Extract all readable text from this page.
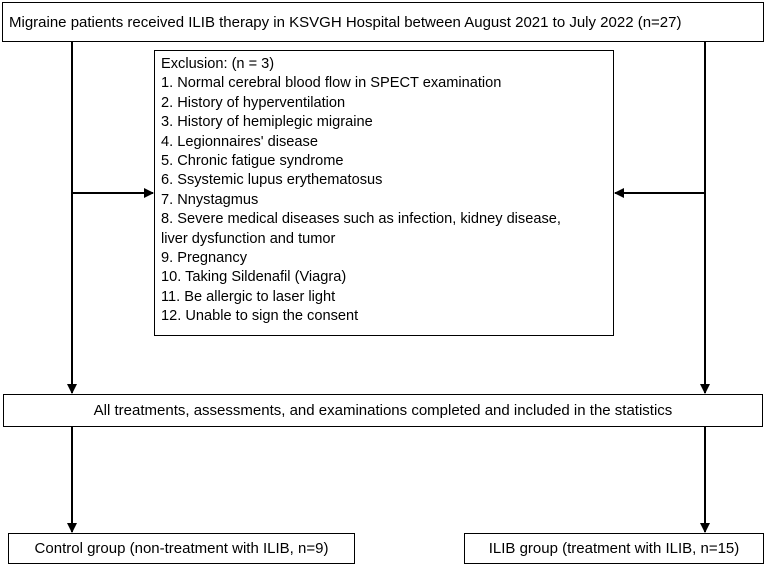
Migraine patients received ILIB therapy in KSVGH Hospital between August 2021 to July 2022 (n=27)
Exclusion: (n = 3)
1. Normal cerebral blood flow in SPECT examination
2. History of hyperventilation
3. History of hemiplegic migraine
4. Legionnaires' disease
5. Chronic fatigue syndrome
6. Ssystemic lupus erythematosus
7. Nnystagmus
8. Severe medical diseases such as infection, kidney disease,
liver dysfunction and tumor
9. Pregnancy
10. Taking Sildenafil (Viagra)
11. Be allergic to laser light
12. Unable to sign the consent
All treatments, assessments, and examinations completed and included in the statistics
Control group (non-treatment with ILIB, n=9)	ILIB group (treatment with ILIB, n=15)
